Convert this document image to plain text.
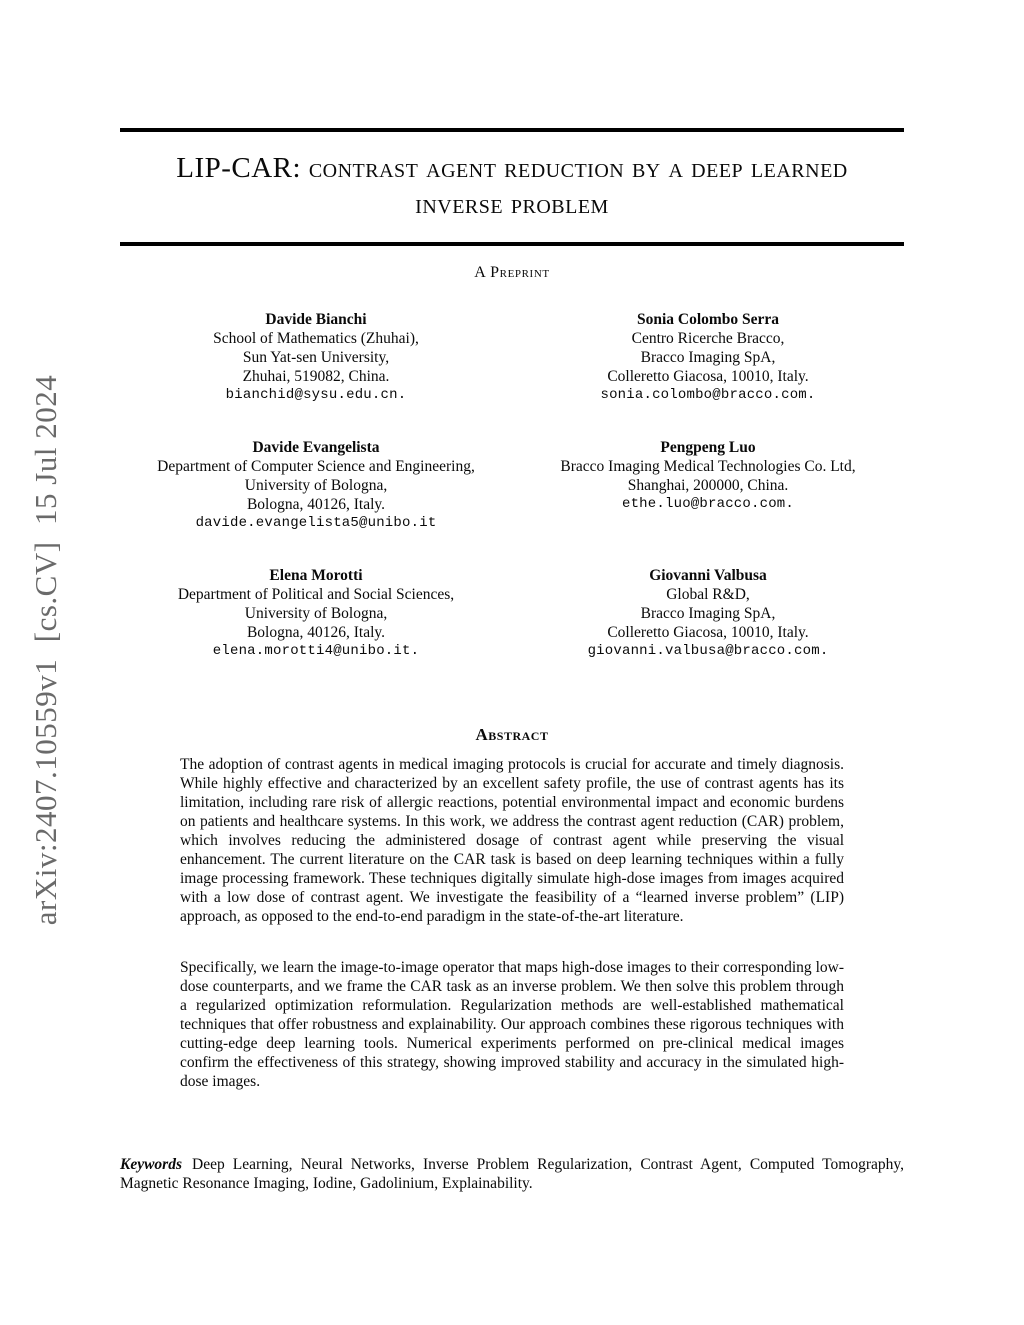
arXiv:2407.10559v1  [cs.CV]  15 Jul 2024
LIP-CAR: contrast agent reduction by a deep learned
inverse problem
A Preprint
Davide Bianchi
School of Mathematics (Zhuhai),
Sun Yat-sen University,
Zhuhai, 519082, China.
bianchid@sysu.edu.cn.
Sonia Colombo Serra
Centro Ricerche Bracco,
Bracco Imaging SpA,
Colleretto Giacosa, 10010, Italy.
sonia.colombo@bracco.com.
Davide Evangelista
Department of Computer Science and Engineering,
University of Bologna,
Bologna, 40126, Italy.
davide.evangelista5@unibo.it
Pengpeng Luo
Bracco Imaging Medical Technologies Co. Ltd,
Shanghai, 200000, China.
ethe.luo@bracco.com.
Elena Morotti
Department of Political and Social Sciences,
University of Bologna,
Bologna, 40126, Italy.
elena.morotti4@unibo.it.
Giovanni Valbusa
Global R&D,
Bracco Imaging SpA,
Colleretto Giacosa, 10010, Italy.
giovanni.valbusa@bracco.com.
Abstract

The adoption of contrast agents in medical imaging protocols is crucial for accurate and timely diagnosis. While highly effective and characterized by an excellent safety profile, the use of contrast agents has its limitation, including rare risk of allergic reactions, potential environmental impact and economic burdens on patients and healthcare systems. In this work, we address the contrast agent reduction (CAR) problem, which involves reducing the administered dosage of contrast agent while preserving the visual enhancement. The current literature on the CAR task is based on deep learning techniques within a fully image processing framework. These techniques digitally simulate high-dose images from images acquired with a low dose of contrast agent. We investigate the feasibility of a “learned inverse problem” (LIP) approach, as opposed to the end-to-end paradigm in the state-of-the-art literature.

Specifically, we learn the image-to-image operator that maps high-dose images to their corresponding low-dose counterparts, and we frame the CAR task as an inverse problem. We then solve this problem through a regularized optimization reformulation. Regularization methods are well-established mathematical techniques that offer robustness and explainability. Our approach combines these rigorous techniques with cutting-edge deep learning tools. Numerical experiments performed on pre-clinical medical images confirm the effectiveness of this strategy, showing improved stability and accuracy in the simulated high-dose images.

Keywords Deep Learning, Neural Networks, Inverse Problem Regularization, Contrast Agent, Computed Tomography, Magnetic Resonance Imaging, Iodine, Gadolinium, Explainability.
